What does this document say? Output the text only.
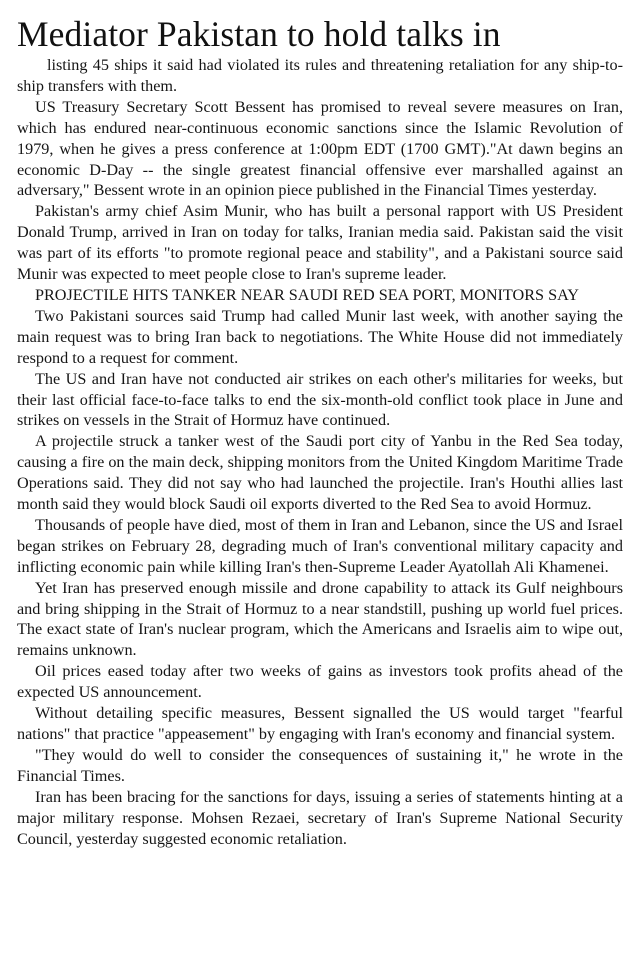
Mediator Pakistan to hold talks in

listing 45 ships it said had violated its rules and threatening retaliation for any ship-to-ship transfers with them.

US Treasury Secretary Scott Bessent has promised to reveal severe measures on Iran, which has endured near-continuous economic sanctions since the Islamic Revolution of 1979, when he gives a press conference at 1:00pm EDT (1700 GMT)."At dawn begins an economic D-Day -- the single greatest financial offensive ever marshalled against an adversary," Bessent wrote in an opinion piece published in the Financial Times yesterday.

Pakistan's army chief Asim Munir, who has built a personal rapport with US President Donald Trump, arrived in Iran on today for talks, Iranian media said. Pakistan said the visit was part of its efforts "to promote regional peace and stability", and a Pakistani source said Munir was expected to meet people close to Iran's supreme leader.

PROJECTILE HITS TANKER NEAR SAUDI RED SEA PORT, MONITORS SAY

Two Pakistani sources said Trump had called Munir last week, with another saying the main request was to bring Iran back to negotiations. The White House did not immediately respond to a request for comment.

The US and Iran have not conducted air strikes on each other's militaries for weeks, but their last official face-to-face talks to end the six-month-old conflict took place in June and strikes on vessels in the Strait of Hormuz have continued.

A projectile struck a tanker west of the Saudi port city of Yanbu in the Red Sea today, causing a fire on the main deck, shipping monitors from the United Kingdom Maritime Trade Operations said. They did not say who had launched the projectile. Iran's Houthi allies last month said they would block Saudi oil exports diverted to the Red Sea to avoid Hormuz.

Thousands of people have died, most of them in Iran and Lebanon, since the US and Israel began strikes on February 28, degrading much of Iran's conventional military capacity and inflicting economic pain while killing Iran's then-Supreme Leader Ayatollah Ali Khamenei.

Yet Iran has preserved enough missile and drone capability to attack its Gulf neighbours and bring shipping in the Strait of Hormuz to a near standstill, pushing up world fuel prices. The exact state of Iran's nuclear program, which the Americans and Israelis aim to wipe out, remains unknown.

Oil prices eased today after two weeks of gains as investors took profits ahead of the expected US announcement.

Without detailing specific measures, Bessent signalled the US would target "fearful nations" that practice "appeasement" by engaging with Iran's economy and financial system.

"They would do well to consider the consequences of sustaining it," he wrote in the Financial Times.

Iran has been bracing for the sanctions for days, issuing a series of statements hinting at a major military response. Mohsen Rezaei, secretary of Iran's Supreme National Security Council, yesterday suggested economic retaliation.
